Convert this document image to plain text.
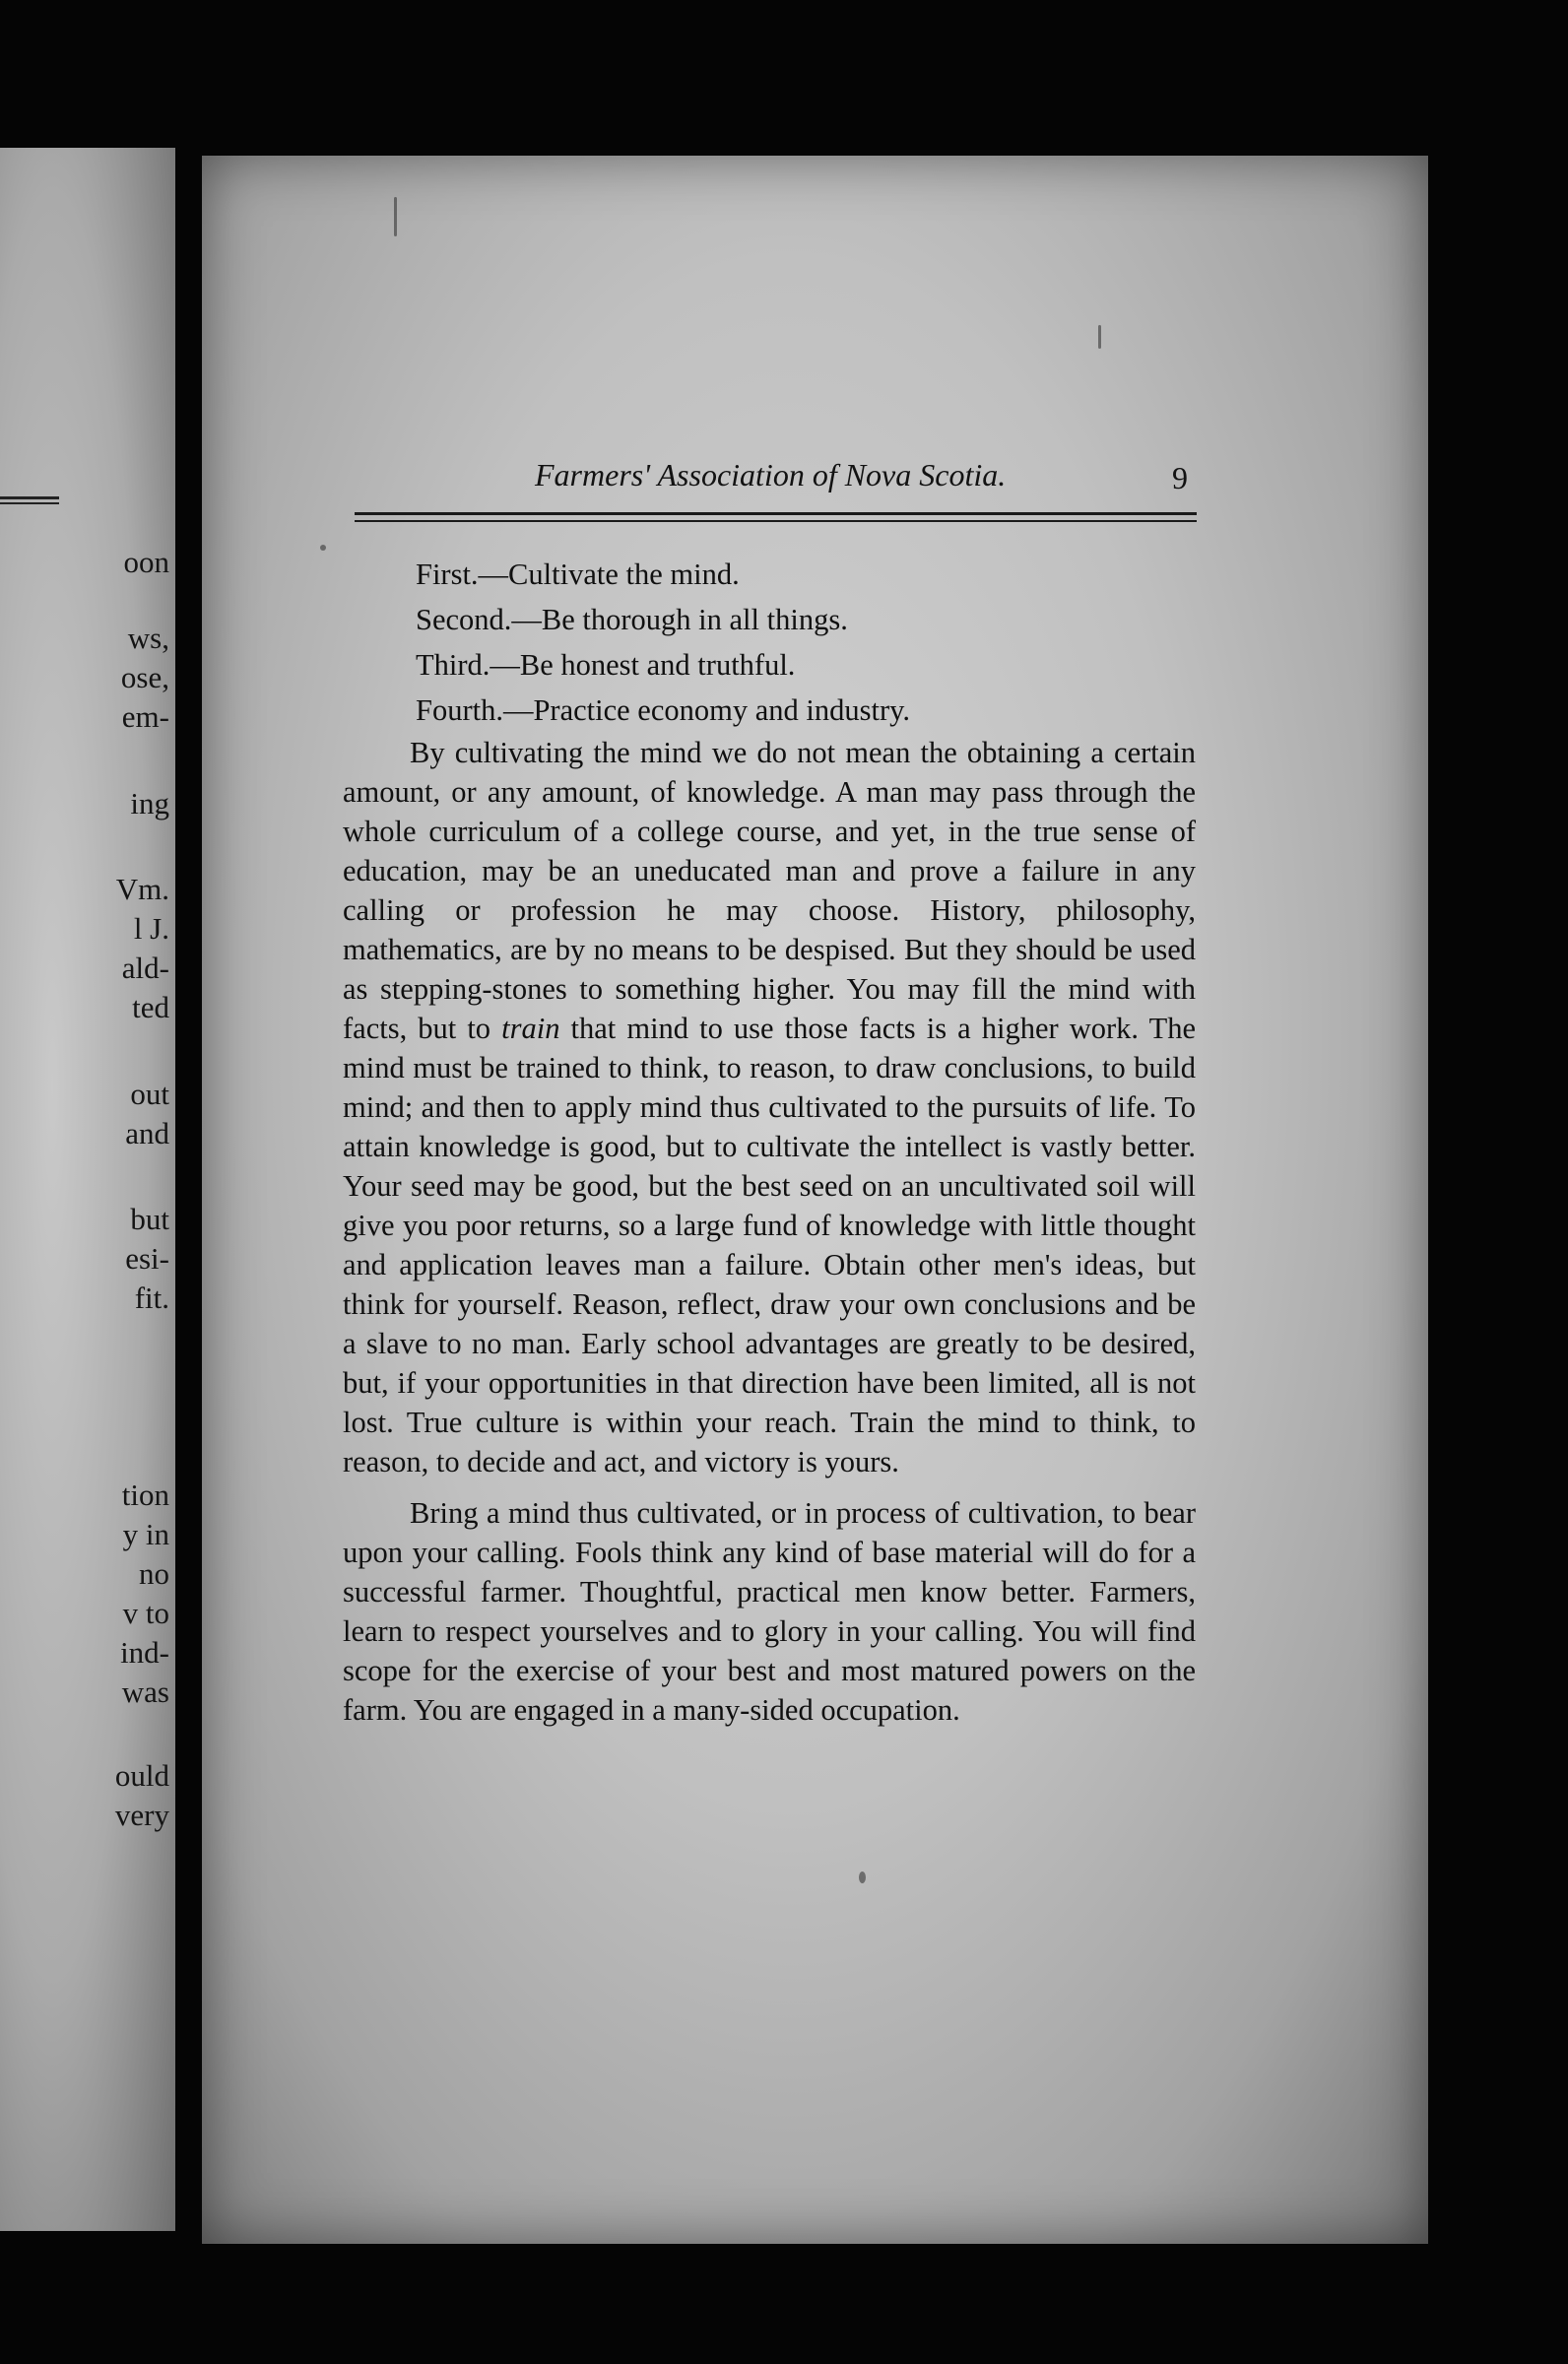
oon
ws,
ose,
em-
ing
Vm.
l J.
ald-
ted
out
and
but
esi-
fit.
tion
y in
no
v to
ind-
was
ould
very
Farmers' Association of Nova Scotia.	9

First.—Cultivate the mind.

Second.—Be thorough in all things.

Third.—Be honest and truthful.

Fourth.—Practice economy and industry.

By cultivating the mind we do not mean the obtaining a certain amount, or any amount, of knowledge. A man may pass through the whole curriculum of a college course, and yet, in the true sense of education, may be an uneducated man and prove a failure in any calling or profession he may choose. History, philosophy, mathematics, are by no means to be despised. But they should be used as stepping-stones to something higher. You may fill the mind with facts, but to train that mind to use those facts is a higher work. The mind must be trained to think, to reason, to draw conclusions, to build mind; and then to apply mind thus cultivated to the pursuits of life. To attain knowledge is good, but to cultivate the intellect is vastly better. Your seed may be good, but the best seed on an uncultivated soil will give you poor returns, so a large fund of knowledge with little thought and application leaves man a failure. Obtain other men's ideas, but think for yourself. Reason, reflect, draw your own conclusions and be a slave to no man. Early school advantages are greatly to be desired, but, if your opportunities in that direction have been limited, all is not lost. True culture is within your reach. Train the mind to think, to reason, to decide and act, and victory is yours.

Bring a mind thus cultivated, or in process of cultivation, to bear upon your calling. Fools think any kind of base material will do for a successful farmer. Thoughtful, practical men know better. Farmers, learn to respect yourselves and to glory in your calling. You will find scope for the exercise of your best and most matured powers on the farm. You are engaged in a many-sided occupation.
